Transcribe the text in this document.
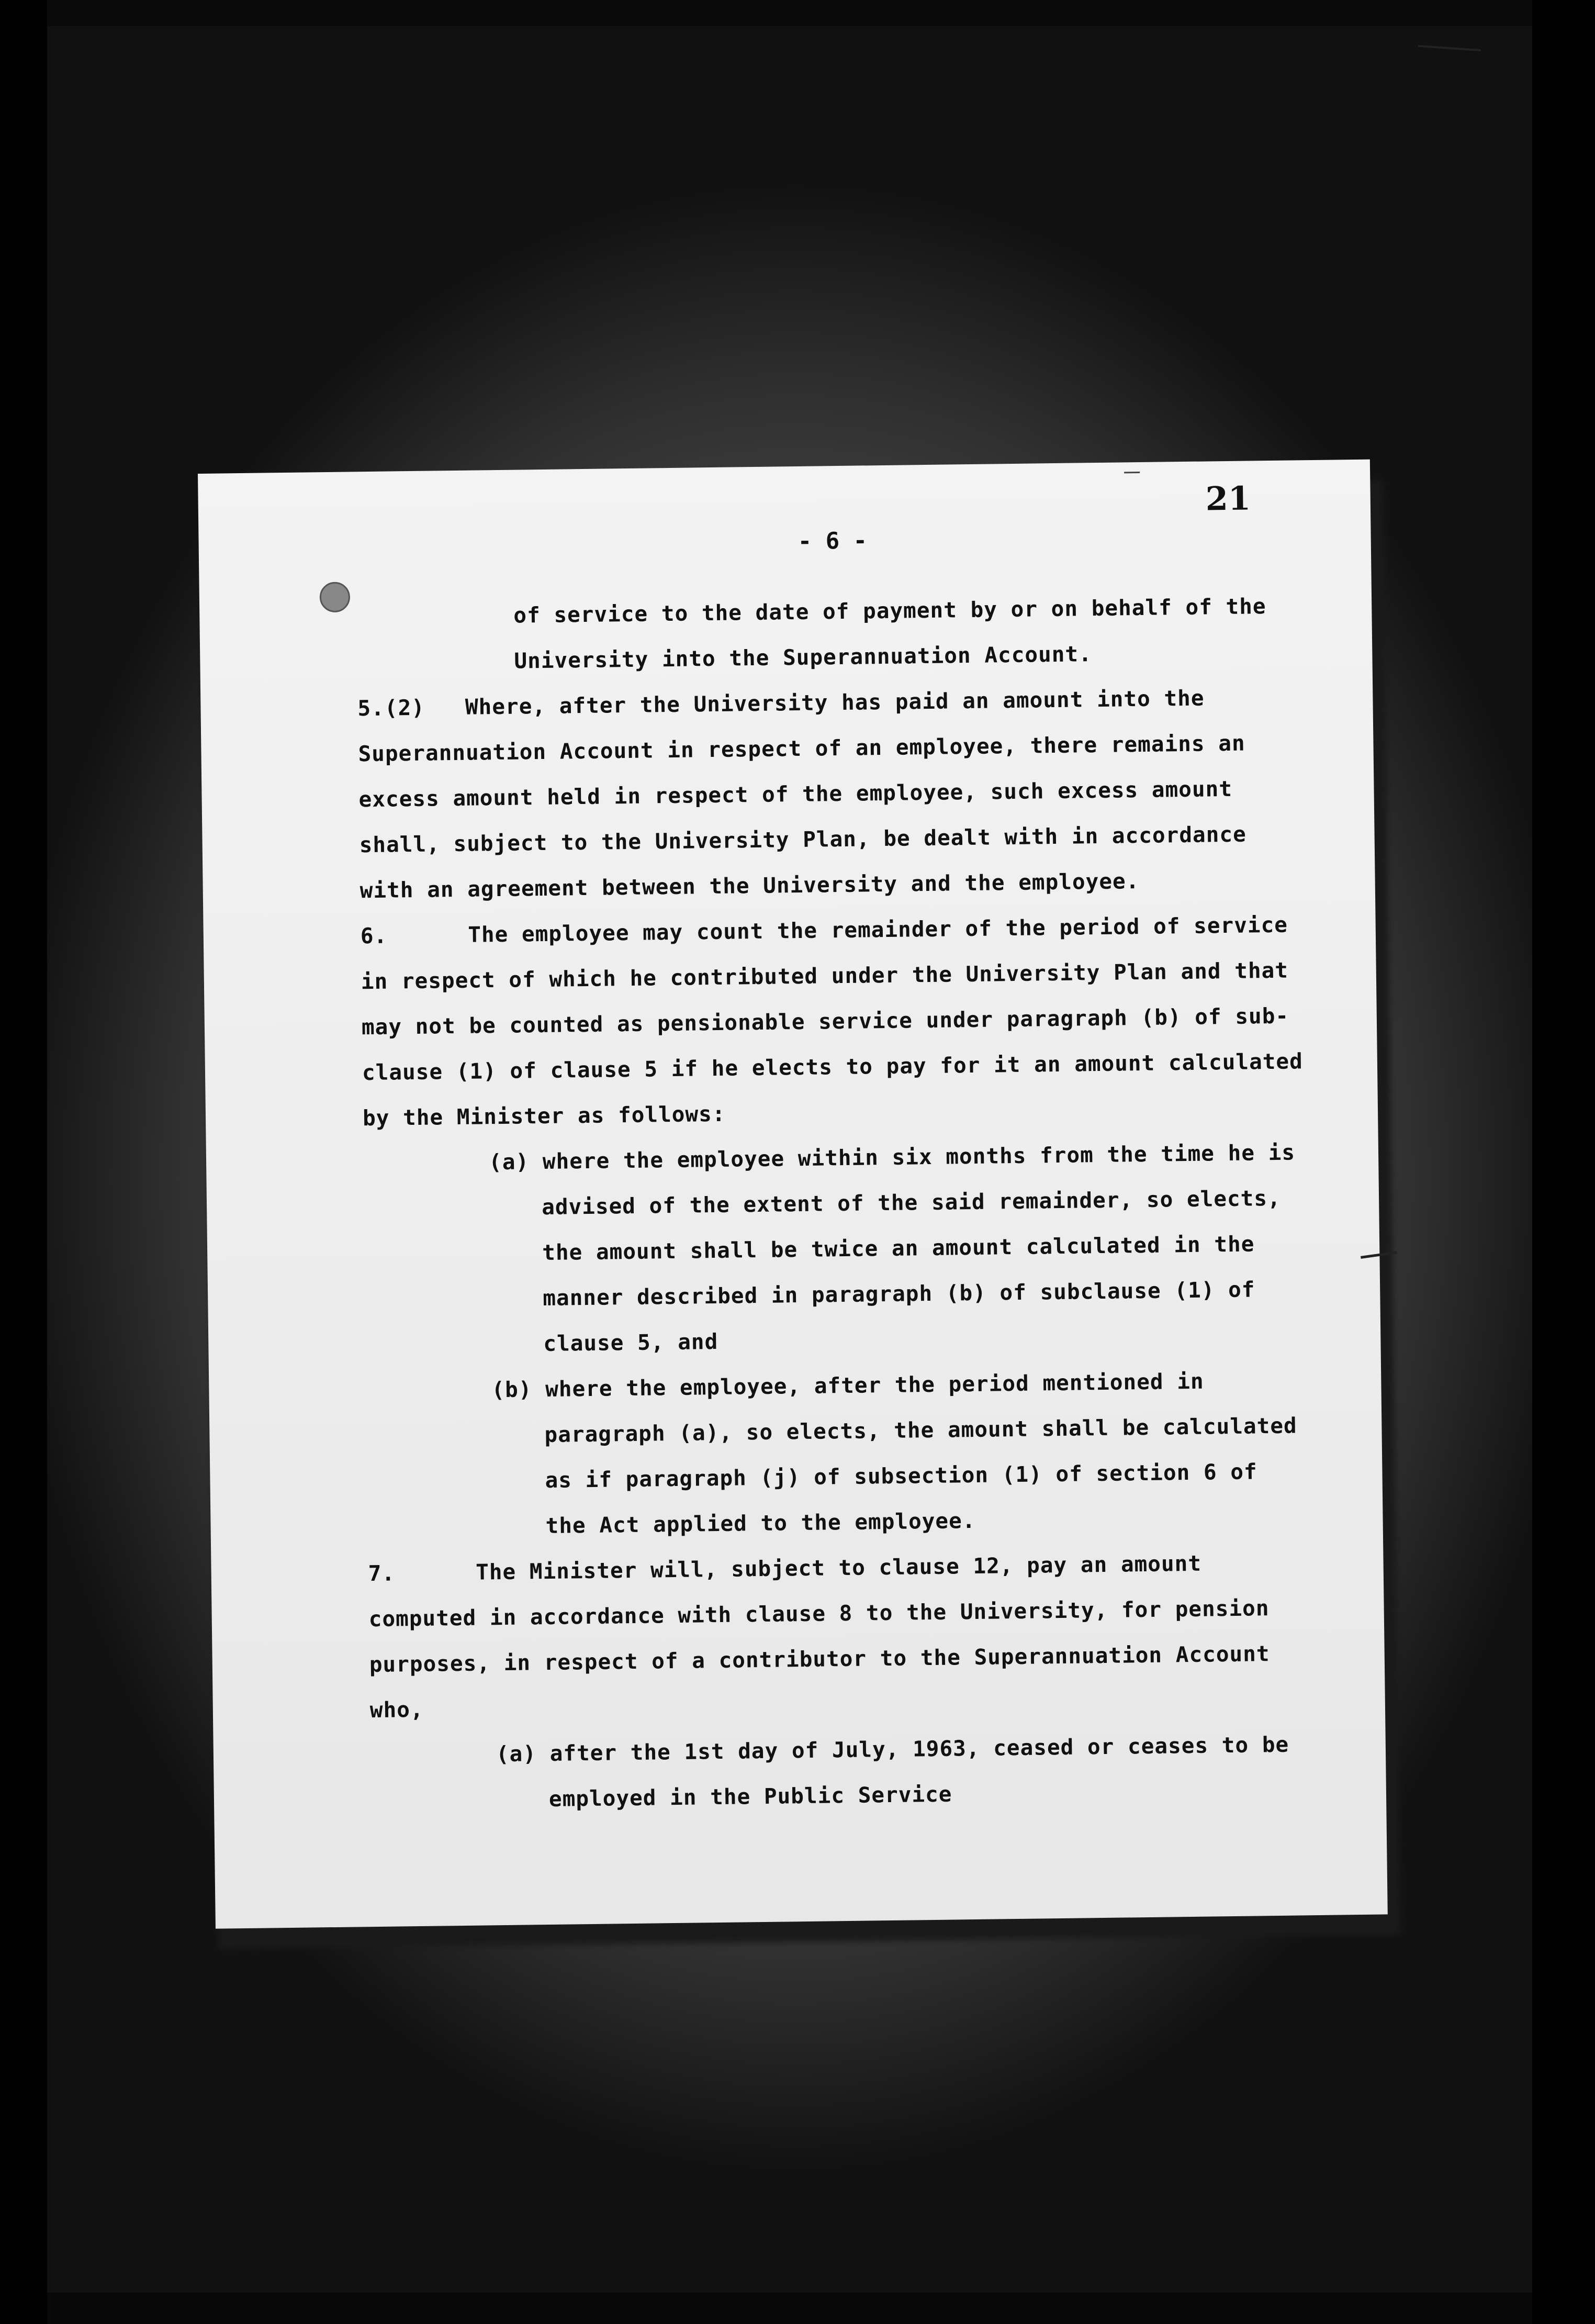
21
- 6 -
of service to the date of payment by or on behalf of the
University into the Superannuation Account.
5.(2)   Where, after the University has paid an amount into the
Superannuation Account in respect of an employee, there remains an
excess amount held in respect of the employee, such excess amount
shall, subject to the University Plan, be dealt with in accordance
with an agreement between the University and the employee.
6.      The employee may count the remainder of the period of service
in respect of which he contributed under the University Plan and that
may not be counted as pensionable service under paragraph (b) of sub-
clause (1) of clause 5 if he elects to pay for it an amount calculated
by the Minister as follows:
(a) where the employee within six months from the time he is
advised of the extent of the said remainder, so elects,
the amount shall be twice an amount calculated in the
manner described in paragraph (b) of subclause (1) of
clause 5, and
(b) where the employee, after the period mentioned in
paragraph (a), so elects, the amount shall be calculated
as if paragraph (j) of subsection (1) of section 6 of
the Act applied to the employee.
7.      The Minister will, subject to clause 12, pay an amount
computed in accordance with clause 8 to the University, for pension
purposes, in respect of a contributor to the Superannuation Account
who,
(a) after the 1st day of July, 1963, ceased or ceases to be
employed in the Public Service
